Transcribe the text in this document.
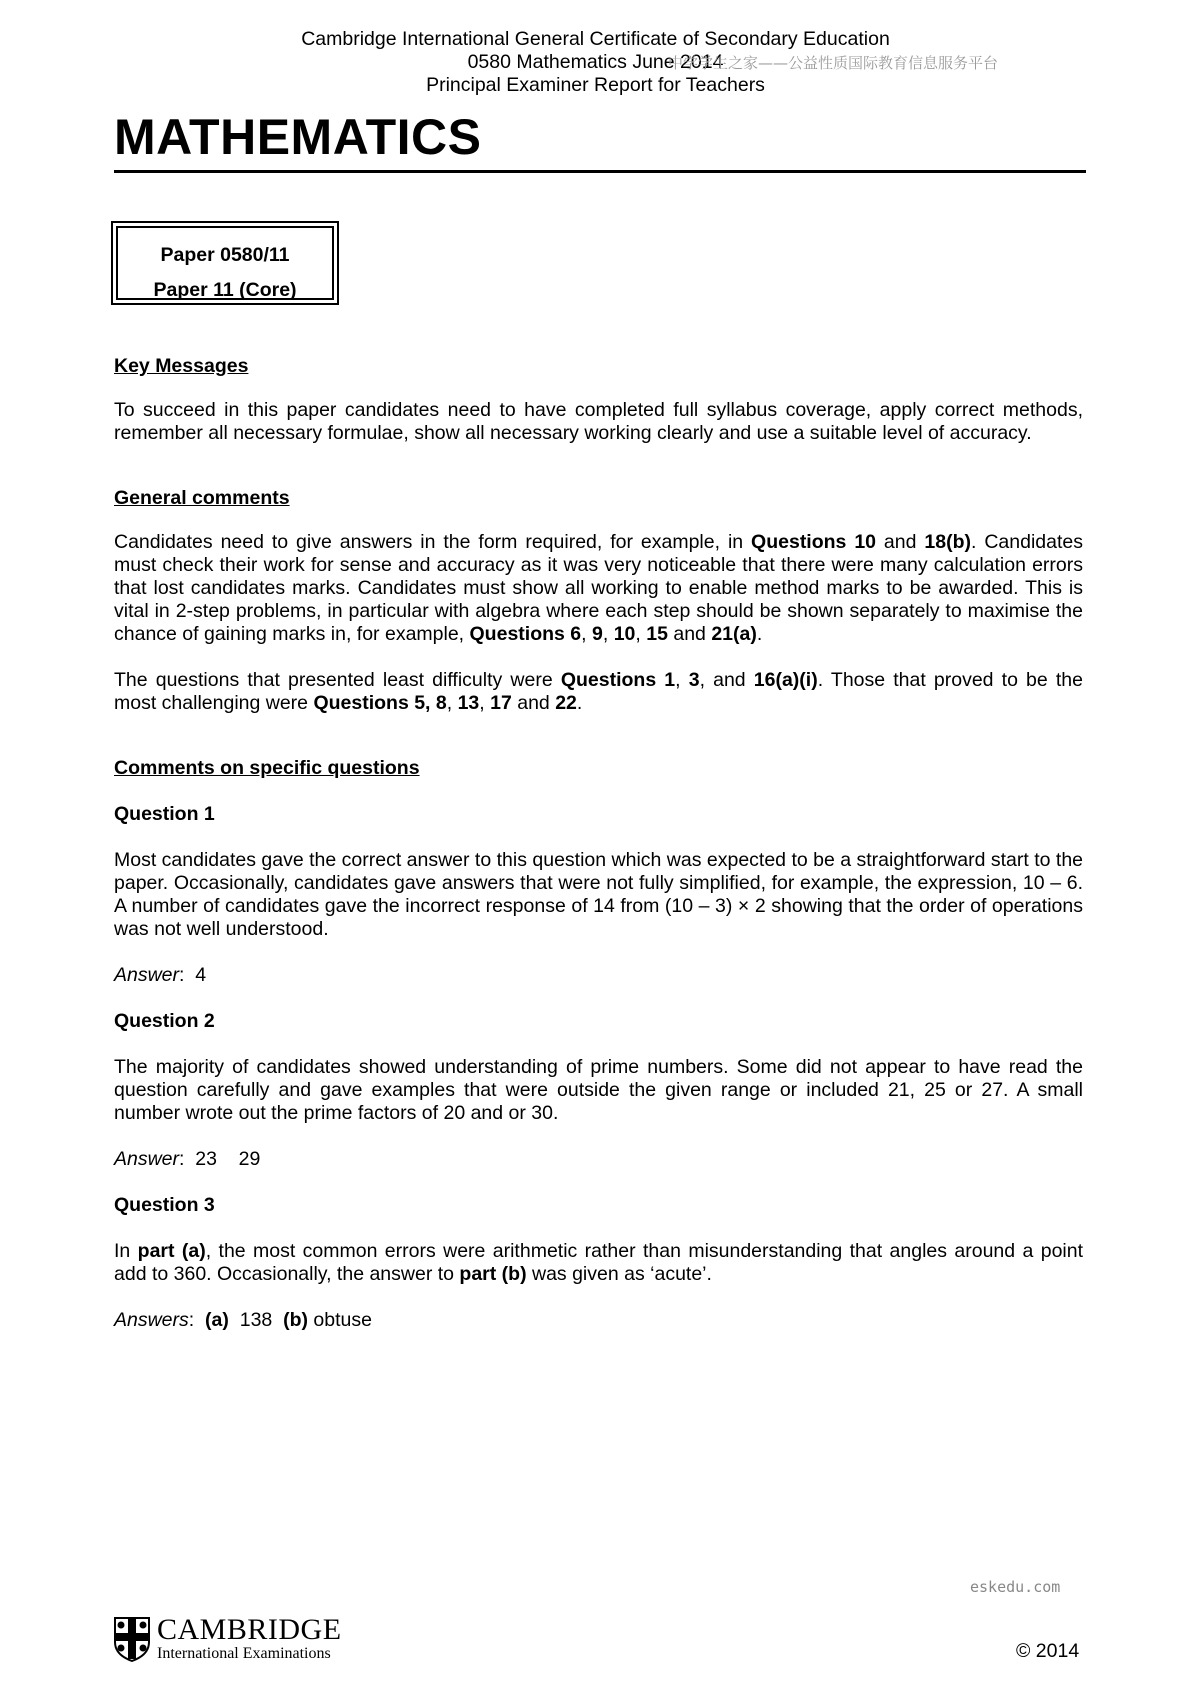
Cambridge International General Certificate of Secondary Education
0580 Mathematics June 2014
Principal Examiner Report for Teachers
中学学生之家——公益性质国际教育信息服务平台
MATHEMATICS
Paper 0580/11
Paper 11 (Core)

Key Messages

To succeed in this paper candidates need to have completed full syllabus coverage, apply correct methods, remember all necessary formulae, show all necessary working clearly and use a suitable level of accuracy.

General comments

Candidates need to give answers in the form required, for example, in Questions 10 and 18(b). Candidates must check their work for sense and accuracy as it was very noticeable that there were many calculation errors that lost candidates marks. Candidates must show all working to enable method marks to be awarded. This is vital in 2-step problems, in particular with algebra where each step should be shown separately to maximise the chance of gaining marks in, for example, Questions 6, 9, 10, 15 and 21(a).

The questions that presented least difficulty were Questions 1, 3, and 16(a)(i). Those that proved to be the most challenging were Questions 5, 8, 13, 17 and 22.

Comments on specific questions

Question 1

Most candidates gave the correct answer to this question which was expected to be a straightforward start to the paper. Occasionally, candidates gave answers that were not fully simplified, for example, the expression, 10 – 6. A number of candidates gave the incorrect response of 14 from (10 – 3) × 2 showing that the order of operations was not well understood.

Answer:  4

Question 2

The majority of candidates showed understanding of prime numbers. Some did not appear to have read the question carefully and gave examples that were outside the given range or included 21, 25 or 27. A small number wrote out the prime factors of 20 and or 30.

Answer:  23    29

Question 3

In part (a), the most common errors were arithmetic rather than misunderstanding that angles around a point add to 360. Occasionally, the answer to part (b) was given as ‘acute’.

Answers:  (a)  138  (b) obtuse

eskedu.com
CAMBRIDGE
International Examinations	© 2014
